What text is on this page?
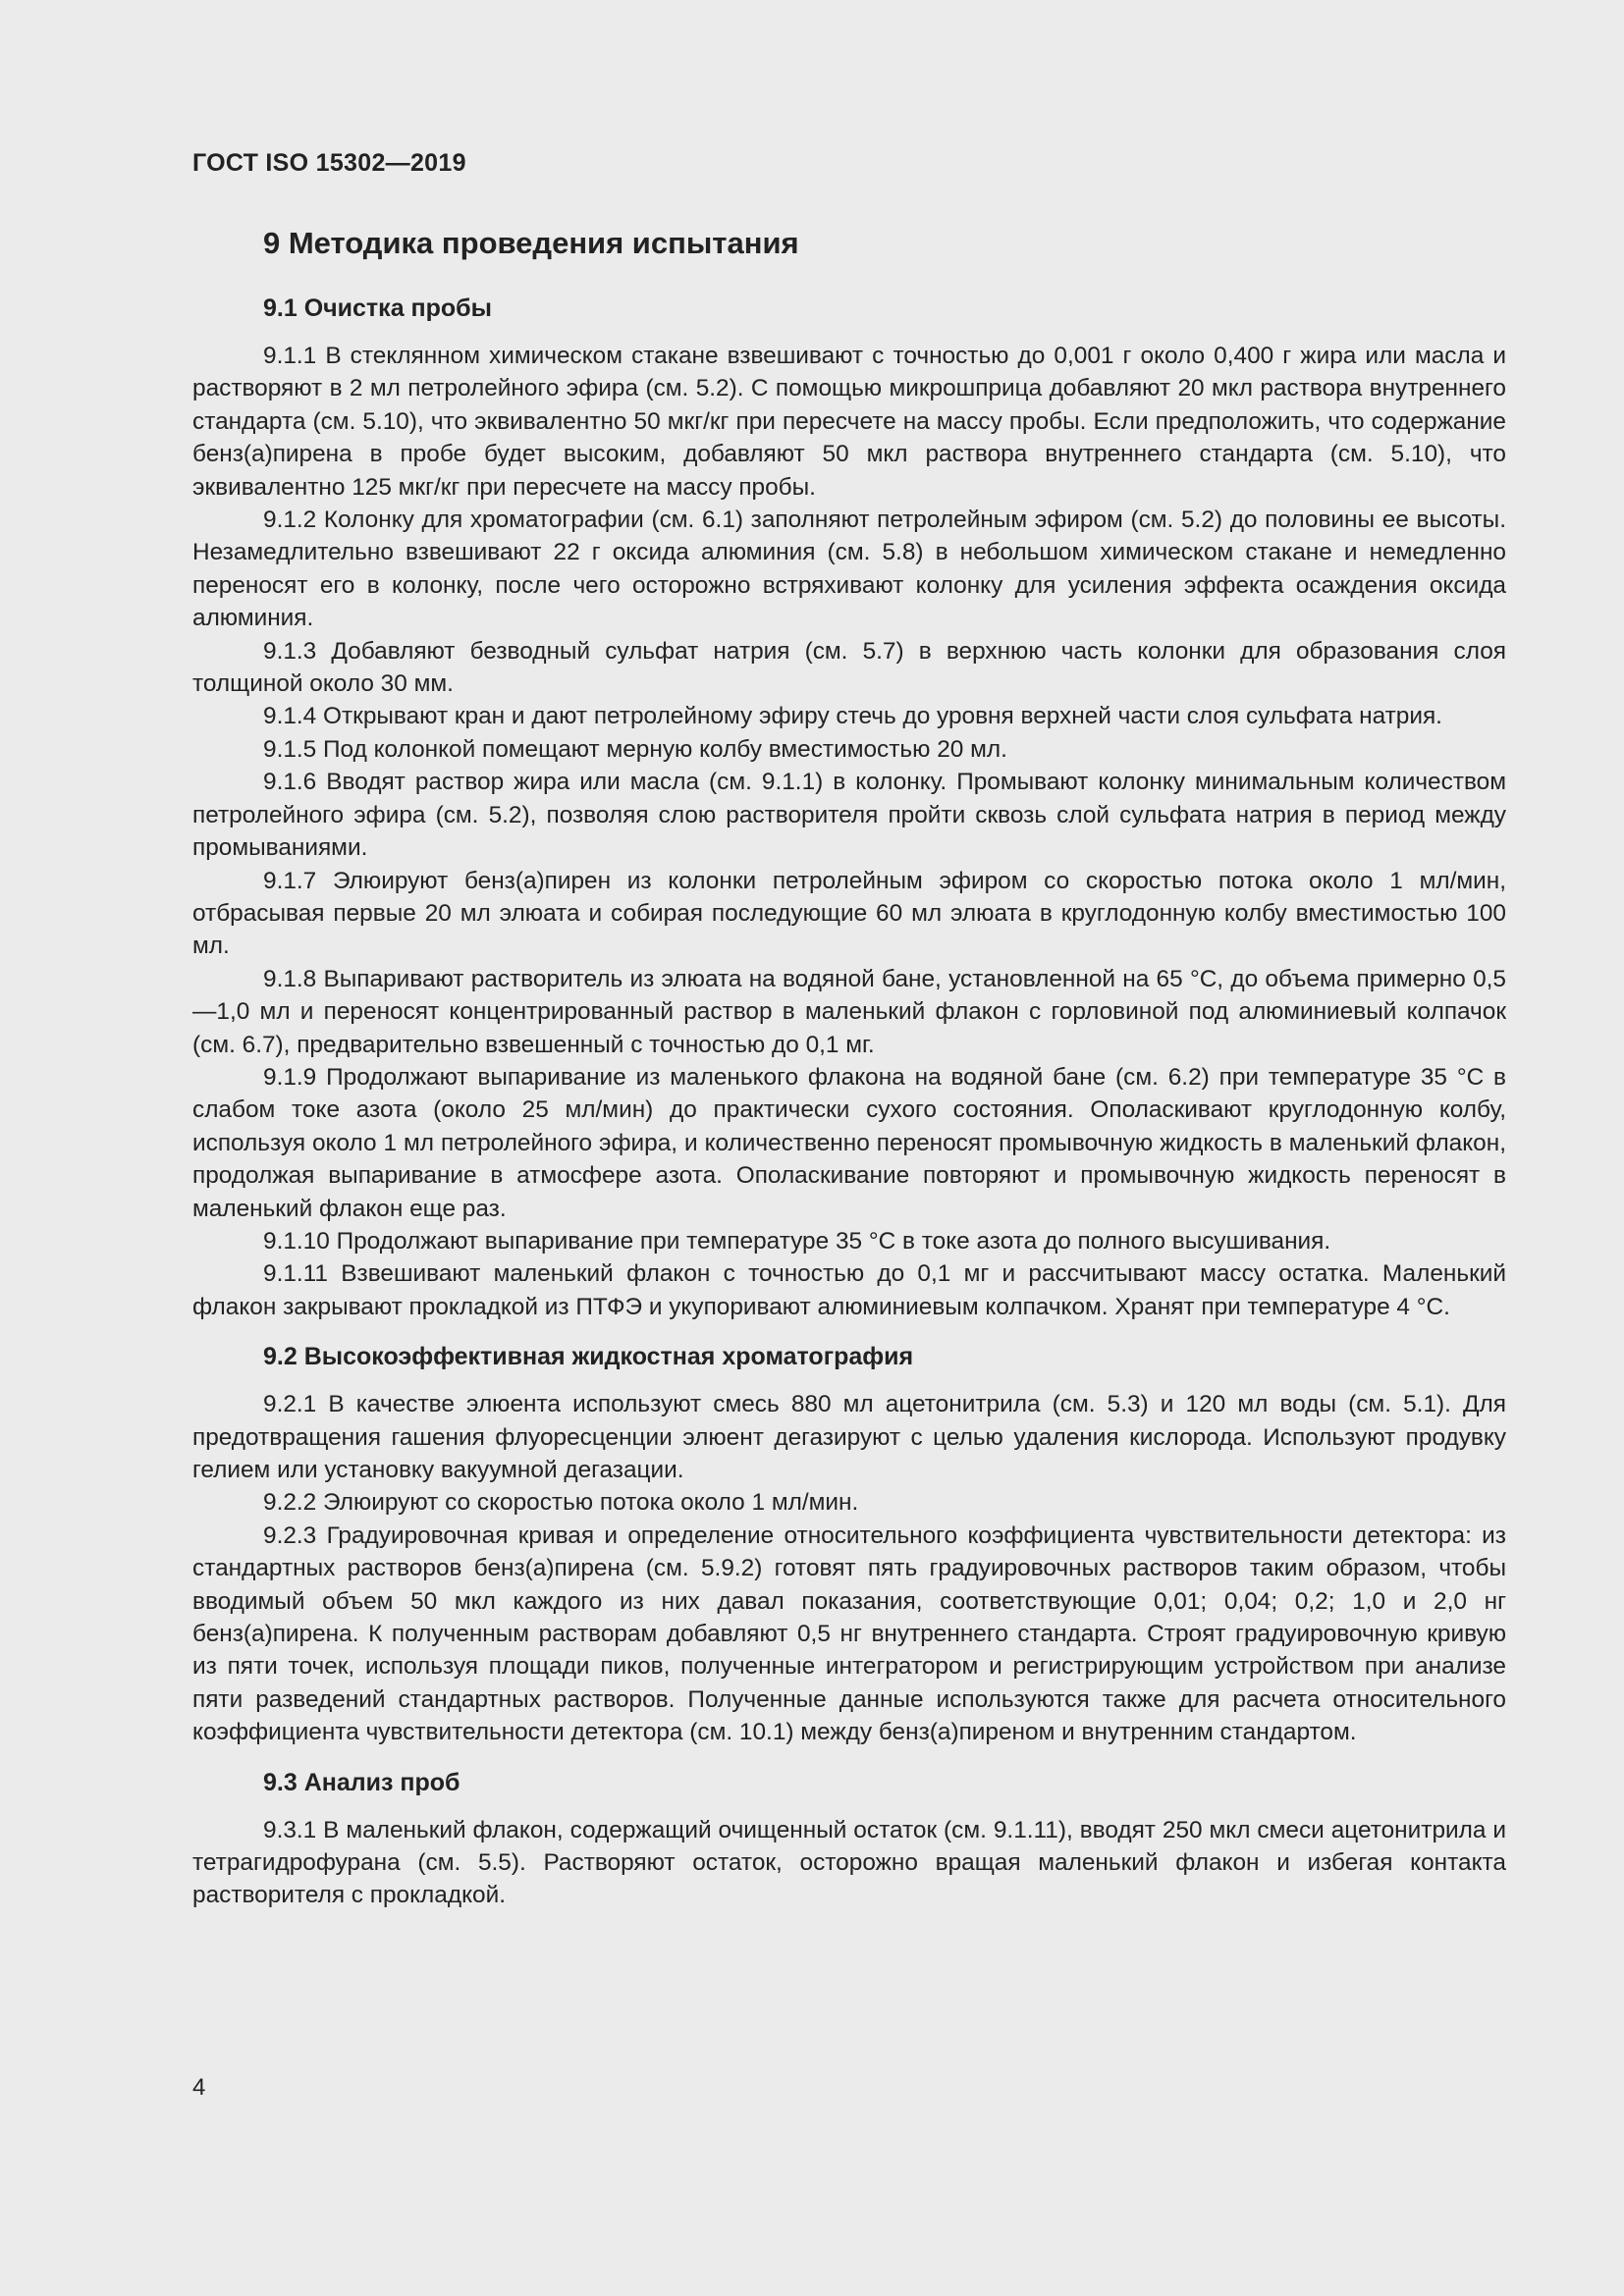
ГОСТ ISO 15302—2019
9 Методика проведения испытания
9.1 Очистка пробы

9.1.1 В стеклянном химическом стакане взвешивают с точностью до 0,001 г около 0,400 г жира или масла и растворяют в 2 мл петролейного эфира (см. 5.2). С помощью микрошприца добавляют 20 мкл раствора внутреннего стандарта (см. 5.10), что эквивалентно 50 мкг/кг при пересчете на массу пробы. Если предположить, что содержание бенз(а)пирена в пробе будет высоким, добавляют 50 мкл раствора внутреннего стандарта (см. 5.10), что эквивалентно 125 мкг/кг при пересчете на массу пробы.

9.1.2 Колонку для хроматографии (см. 6.1) заполняют петролейным эфиром (см. 5.2) до половины ее высоты. Незамедлительно взвешивают 22 г оксида алюминия (см. 5.8) в небольшом химическом стакане и немедленно переносят его в колонку, после чего осторожно встряхивают колонку для усиления эффекта осаждения оксида алюминия.

9.1.3 Добавляют безводный сульфат натрия (см. 5.7) в верхнюю часть колонки для образования слоя толщиной около 30 мм.

9.1.4 Открывают кран и дают петролейному эфиру стечь до уровня верхней части слоя сульфата натрия.

9.1.5 Под колонкой помещают мерную колбу вместимостью 20 мл.

9.1.6 Вводят раствор жира или масла (см. 9.1.1) в колонку. Промывают колонку минимальным количеством петролейного эфира (см. 5.2), позволяя слою растворителя пройти сквозь слой сульфата натрия в период между промываниями.

9.1.7 Элюируют бенз(а)пирен из колонки петролейным эфиром со скоростью потока около 1 мл/мин, отбрасывая первые 20 мл элюата и собирая последующие 60 мл элюата в круглодонную колбу вместимостью 100 мл.

9.1.8 Выпаривают растворитель из элюата на водяной бане, установленной на 65 °С, до объема примерно 0,5—1,0 мл и переносят концентрированный раствор в маленький флакон с горловиной под алюминиевый колпачок (см. 6.7), предварительно взвешенный с точностью до 0,1 мг.

9.1.9 Продолжают выпаривание из маленького флакона на водяной бане (см. 6.2) при температуре 35 °С в слабом токе азота (около 25 мл/мин) до практически сухого состояния. Ополаскивают круглодонную колбу, используя около 1 мл петролейного эфира, и количественно переносят промывочную жидкость в маленький флакон, продолжая выпаривание в атмосфере азота. Ополаскивание повторяют и промывочную жидкость переносят в маленький флакон еще раз.

9.1.10 Продолжают выпаривание при температуре 35 °С в токе азота до полного высушивания.

9.1.11 Взвешивают маленький флакон с точностью до 0,1 мг и рассчитывают массу остатка. Маленький флакон закрывают прокладкой из ПТФЭ и укупоривают алюминиевым колпачком. Хранят при температуре 4 °С.

9.2 Высокоэффективная жидкостная хроматография

9.2.1 В качестве элюента используют смесь 880 мл ацетонитрила (см. 5.3) и 120 мл воды (см. 5.1). Для предотвращения гашения флуоресценции элюент дегазируют с целью удаления кислорода. Используют продувку гелием или установку вакуумной дегазации.

9.2.2 Элюируют со скоростью потока около 1 мл/мин.

9.2.3 Градуировочная кривая и определение относительного коэффициента чувствительности детектора: из стандартных растворов бенз(а)пирена (см. 5.9.2) готовят пять градуировочных растворов таким образом, чтобы вводимый объем 50 мкл каждого из них давал показания, соответствующие 0,01; 0,04; 0,2; 1,0 и 2,0 нг бенз(а)пирена. К полученным растворам добавляют 0,5 нг внутреннего стандарта. Строят градуировочную кривую из пяти точек, используя площади пиков, полученные интегратором и регистрирующим устройством при анализе пяти разведений стандартных растворов. Полученные данные используются также для расчета относительного коэффициента чувствительности детектора (см. 10.1) между бенз(а)пиреном и внутренним стандартом.

9.3 Анализ проб

9.3.1 В маленький флакон, содержащий очищенный остаток (см. 9.1.11), вводят 250 мкл смеси ацетонитрила и тетрагидрофурана (см. 5.5). Растворяют остаток, осторожно вращая маленький флакон и избегая контакта растворителя с прокладкой.

4
